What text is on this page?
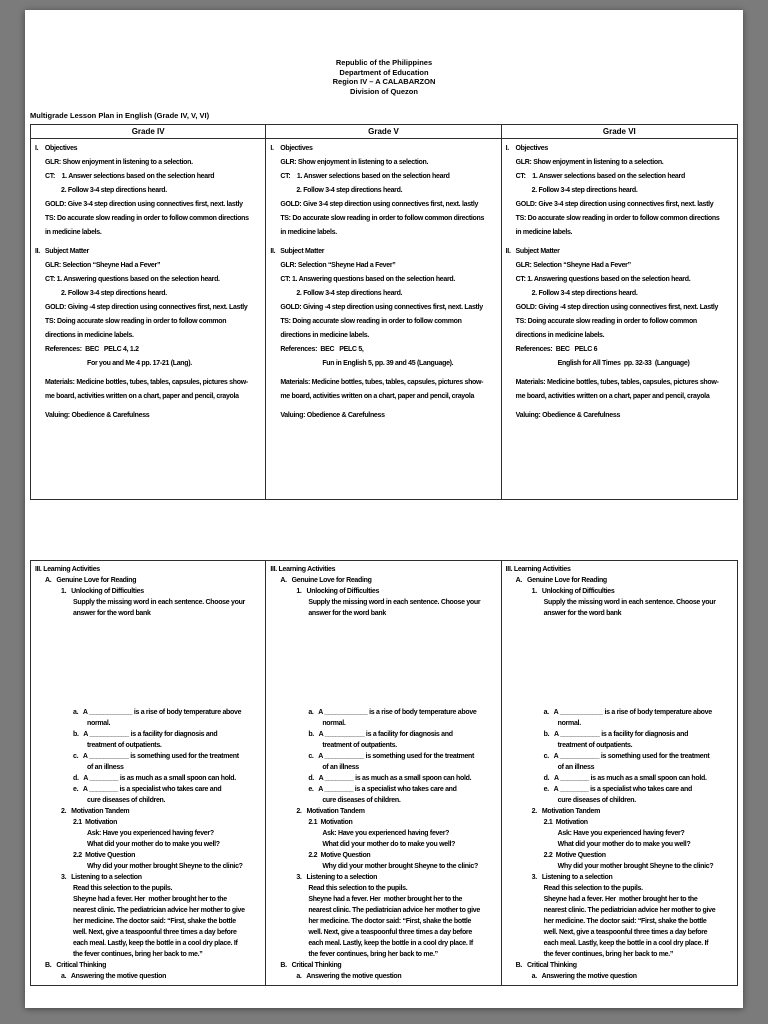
Republic of the Philippines
Department of Education
Region IV – A CALABARZON
Division of Quezon
Multigrade Lesson Plan in English (Grade IV, V, VI)
Grade IV	Grade V	Grade VI
I.    Objectives
GLR: Show enjoyment in listening to a selection.
CT:    1. Answer selections based on the selection heard
2. Follow 3-4 step directions heard.
GOLD: Give 3-4 step direction using connectives first, next. lastly
TS: Do accurate slow reading in order to follow common directions
in medicine labels.
II.   Subject Matter
GLR: Selection “Sheyne Had a Fever”
CT: 1. Answering questions based on the selection heard.
2. Follow 3-4 step directions heard.
GOLD: Giving -4 step direction using connectives first, next. Lastly
TS: Doing accurate slow reading in order to follow common
directions in medicine labels.
References:  BEC   PELC 4, 1.2
For you and Me 4 pp. 17-21 (Lang).
Materials: Medicine bottles, tubes, tables, capsules, pictures show-
me board, activities written on a chart, paper and pencil, crayola
Valuing: Obedience & Carefulness
I.    Objectives
GLR: Show enjoyment in listening to a selection.
CT:    1. Answer selections based on the selection heard
2. Follow 3-4 step directions heard.
GOLD: Give 3-4 step direction using connectives first, next. lastly
TS: Do accurate slow reading in order to follow common directions
in medicine labels.
II.   Subject Matter
GLR: Selection “Sheyne Had a Fever”
CT: 1. Answering questions based on the selection heard.
2. Follow 3-4 step directions heard.
GOLD: Giving -4 step direction using connectives first, next. Lastly
TS: Doing accurate slow reading in order to follow common
directions in medicine labels.
References:  BEC   PELC 5,
Fun in English 5, pp. 39 and 45 (Language).
Materials: Medicine bottles, tubes, tables, capsules, pictures show-
me board, activities written on a chart, paper and pencil, crayola
Valuing: Obedience & Carefulness
I.    Objectives
GLR: Show enjoyment in listening to a selection.
CT:    1. Answer selections based on the selection heard
2. Follow 3-4 step directions heard.
GOLD: Give 3-4 step direction using connectives first, next. lastly
TS: Do accurate slow reading in order to follow common directions
in medicine labels.
II.   Subject Matter
GLR: Selection “Sheyne Had a Fever”
CT: 1. Answering questions based on the selection heard.
2. Follow 3-4 step directions heard.
GOLD: Giving -4 step direction using connectives first, next. Lastly
TS: Doing accurate slow reading in order to follow common
directions in medicine labels.
References:  BEC   PELC 6
English for All Times  pp. 32-33  (Language)
Materials: Medicine bottles, tubes, tables, capsules, pictures show-
me board, activities written on a chart, paper and pencil, crayola
Valuing: Obedience & Carefulness
III. Learning Activities
A.   Genuine Love for Reading
1.   Unlocking of Difficulties
Supply the missing word in each sentence. Choose your
answer for the word bank
a.   A ____________ is a rise of body temperature above
normal.
b.   A ___________ is a facility for diagnosis and
treatment of outpatients.
c.   A ___________ is something used for the treatment
of an illness
d.   A ________ is as much as a small spoon can hold.
e.   A ________ is a specialist who takes care and
cure diseases of children.
2.   Motivation Tandem
2.1  Motivation
Ask: Have you experienced having fever?
What did your mother do to make you well?
2.2  Motive Question
Why did your mother brought Sheyne to the clinic?
3.   Listening to a selection
Read this selection to the pupils.
Sheyne had a fever. Her  mother brought her to the
nearest clinic. The pediatrician advice her mother to give
her medicine. The doctor said: “First, shake the bottle
well. Next, give a teaspoonful three times a day before
each meal. Lastly, keep the bottle in a cool dry place. If
the fever continues, bring her back to me.”
B.   Critical Thinking
a.   Answering the motive question
III. Learning Activities
A.   Genuine Love for Reading
1.   Unlocking of Difficulties
Supply the missing word in each sentence. Choose your
answer for the word bank
a.   A ____________ is a rise of body temperature above
normal.
b.   A ___________ is a facility for diagnosis and
treatment of outpatients.
c.   A ___________ is something used for the treatment
of an illness
d.   A ________ is as much as a small spoon can hold.
e.   A ________ is a specialist who takes care and
cure diseases of children.
2.   Motivation Tandem
2.1  Motivation
Ask: Have you experienced having fever?
What did your mother do to make you well?
2.2  Motive Question
Why did your mother brought Sheyne to the clinic?
3.   Listening to a selection
Read this selection to the pupils.
Sheyne had a fever. Her  mother brought her to the
nearest clinic. The pediatrician advice her mother to give
her medicine. The doctor said: “First, shake the bottle
well. Next, give a teaspoonful three times a day before
each meal. Lastly, keep the bottle in a cool dry place. If
the fever continues, bring her back to me.”
B.   Critical Thinking
a.   Answering the motive question
III. Learning Activities
A.   Genuine Love for Reading
1.   Unlocking of Difficulties
Supply the missing word in each sentence. Choose your
answer for the word bank
a.   A ____________ is a rise of body temperature above
normal.
b.   A ___________ is a facility for diagnosis and
treatment of outpatients.
c.   A ___________ is something used for the treatment
of an illness
d.   A ________ is as much as a small spoon can hold.
e.   A ________ is a specialist who takes care and
cure diseases of children.
2.   Motivation Tandem
2.1  Motivation
Ask: Have you experienced having fever?
What did your mother do to make you well?
2.2  Motive Question
Why did your mother brought Sheyne to the clinic?
3.   Listening to a selection
Read this selection to the pupils.
Sheyne had a fever. Her  mother brought her to the
nearest clinic. The pediatrician advice her mother to give
her medicine. The doctor said: “First, shake the bottle
well. Next, give a teaspoonful three times a day before
each meal. Lastly, keep the bottle in a cool dry place. If
the fever continues, bring her back to me.”
B.   Critical Thinking
a.   Answering the motive question
